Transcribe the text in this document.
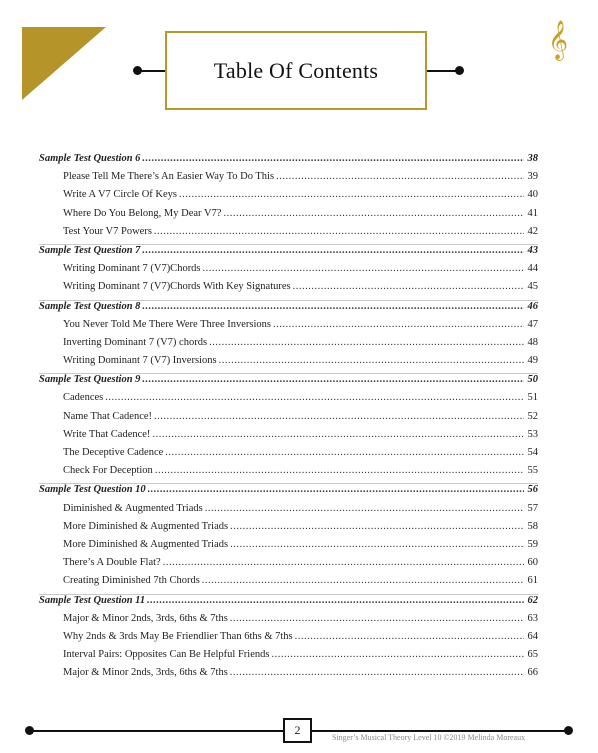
𝄞
Table Of Contents
Sample Test Question 6 .....	38
Please Tell Me There’s An Easier Way To Do This .....	39
Write A V7 Circle Of Keys .....	40
Where Do You Belong, My Dear V7? .....	41
Test Your V7 Powers .....	42
Sample Test Question 7 .....	43
Writing Dominant 7 (V7)Chords .....	44
Writing Dominant 7 (V7)Chords With Key Signatures .....	45
Sample Test Question 8 .....	46
You Never Told Me There Were Three Inversions .....	47
Inverting Dominant 7 (V7) chords .....	48
Writing Dominant 7 (V7) Inversions .....	49
Sample Test Question 9 .....	50
Cadences .....	51
Name That Cadence! .....	52
Write That Cadence! .....	53
The Deceptive Cadence .....	54
Check For Deception .....	55
Sample Test Question 10 .....	56
Diminished & Augmented Triads .....	57
More Diminished & Augmented Triads .....	58
More Diminished & Augmented Triads .....	59
There’s A Double Flat? .....	60
Creating Diminished 7th Chords .....	61
Sample Test Question 11 .....	62
Major & Minor 2nds, 3rds, 6ths & 7ths .....	63
Why 2nds & 3rds May Be Friendlier Than 6ths & 7ths .....	64
Interval Pairs: Opposites Can Be Helpful Friends .....	65
Major & Minor 2nds, 3rds, 6ths & 7ths .....	66
2
Singer’s Musical Theory Level 10 ©2019 Melinda Moreaux
